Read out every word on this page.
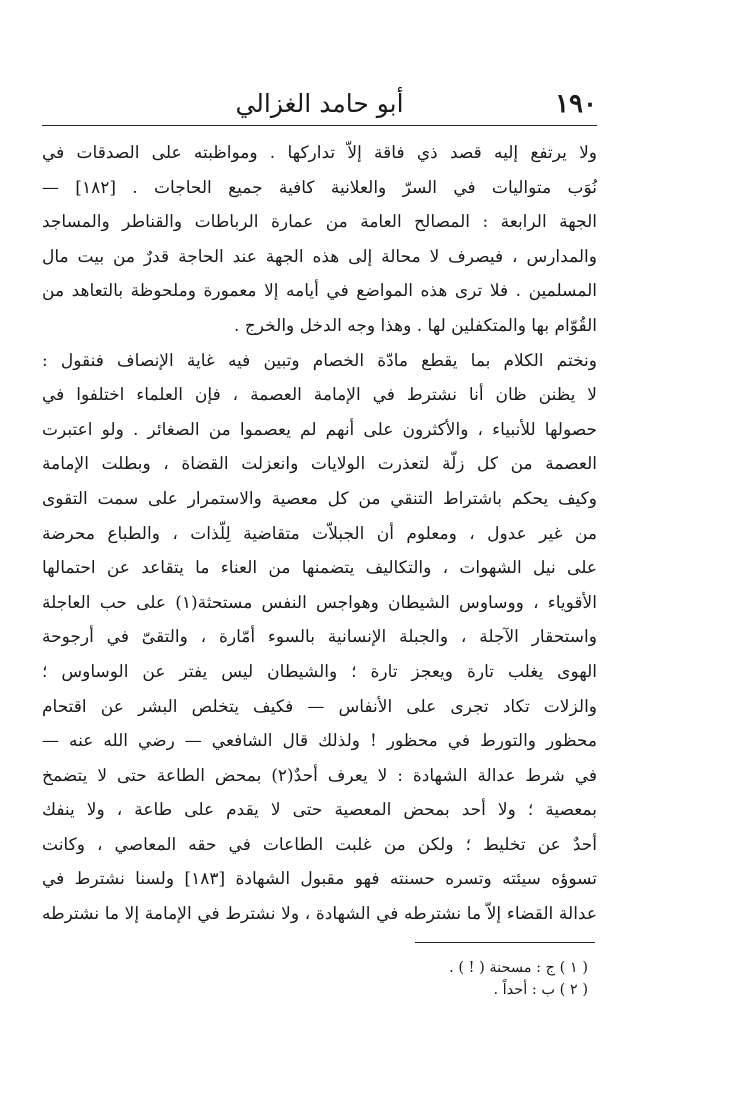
١٩٠
أبو حامد الغزالي
ولا يرتفع إليه قصد ذي فاقة إلاّ تداركها . ومواظبته على الصدقات في
نُوَب متواليات في السرّ والعلانية كافية جميع الحاجات . [١٨٢] —
الجهة الرابعة : المصالح العامة من عمارة الرباطات والقناطر والمساجد
والمدارس ، فيصرف لا محالة إلى هذه الجهة عند الحاجة قدرٌ من بيت مال
المسلمين . فلا ترى هذه المواضع في أيامه إلا معمورة وملحوظة بالتعاهد من
القُوّام بها والمتكفلين لها . وهذا وجه الدخل والخرج .
ونختم الكلام بما يقطع مادّة الخصام وتبين فيه غاية الإنصاف فنقول :
لا يظنن ظان أنا نشترط في الإمامة العصمة ، فإن العلماء اختلفوا في
حصولها للأنبياء ، والأكثرون على أنهم لم يعصموا من الصغائر . ولو اعتبرت
العصمة من كل زلّة لتعذرت الولايات وانعزلت القضاة ، وبطلت الإمامة
وكيف يحكم باشتراط التنقي من كل معصية والاستمرار على سمت التقوى
من غير عدول ، ومعلوم أن الجبلاّت متقاضية لِلّذات ، والطباع محرضة
على نيل الشهوات ، والتكاليف يتضمنها من العناء ما يتقاعد عن احتمالها
الأقوياء ، ووساوس الشيطان وهواجس النفس مستحثة(١) على حب العاجلة
واستحقار الآجلة ، والجبلة الإنسانية بالسوء أمّارة ، والتقىّ في أرجوحة
الهوى يغلب تارة ويعجز تارة ؛ والشيطان ليس يفتر عن الوساوس ؛
والزلات تكاد تجرى على الأنفاس — فكيف يتخلص البشر عن اقتحام
محظور والتورط في محظور ! ولذلك قال الشافعي — رضي الله عنه —
في شرط عدالة الشهادة : لا يعرف أحدٌ(٢) بمحض الطاعة حتى لا يتضمخ
بمعصية ؛ ولا أحد بمحض المعصية حتى لا يقدم على طاعة ، ولا ينفك
أحدٌ عن تخليط ؛ ولكن من غلبت الطاعات في حقه المعاصي ، وكانت
تسوؤه سيئته وتسره حسنته فهو مقبول الشهادة [١٨٣] ولسنا نشترط في
عدالة القضاء إلاّ ما نشترطه في الشهادة ، ولا نشترط في الإمامة إلا ما نشترطه
( ١ ) ج : مسحنة ( ! ) .
( ٢ ) ب : أحداً .
